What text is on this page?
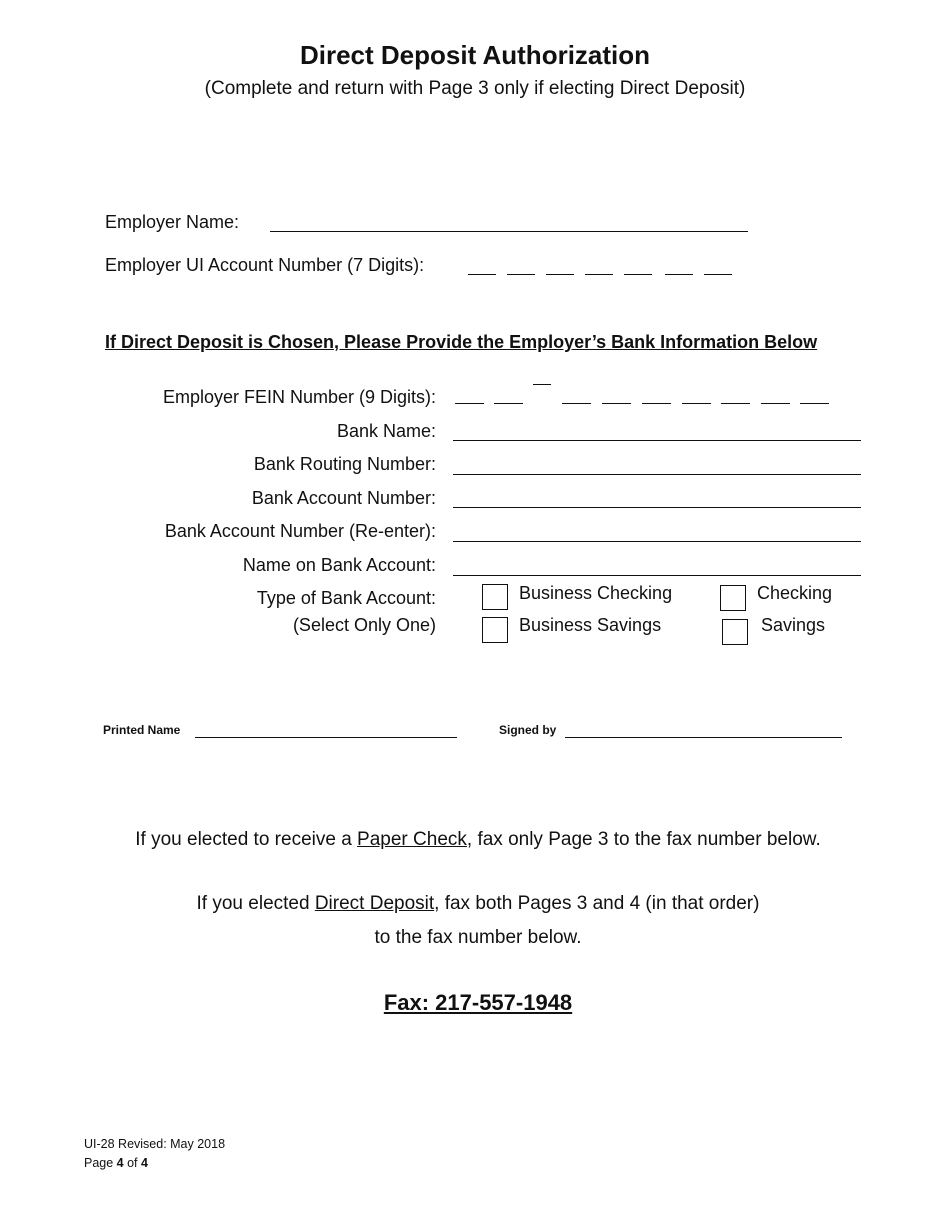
Direct Deposit Authorization
(Complete and return with Page 3 only if electing Direct Deposit)
Employer Name:
Employer UI Account Number (7 Digits):
If Direct Deposit is Chosen, Please Provide the Employer’s Bank Information Below
Employer FEIN Number (9 Digits):
Bank Name:
Bank Routing Number:
Bank Account Number:
Bank Account Number (Re-enter):
Name on Bank Account:
Type of Bank Account:
(Select Only One)
Business Checking	Checking
Business Savings	Savings
Printed Name	Signed by
If you elected to receive a Paper Check, fax only Page 3 to the fax number below.
If you elected Direct Deposit, fax both Pages 3 and 4 (in that order)
to the fax number below.
Fax: 217-557-1948
UI-28 Revised: May 2018
Page 4 of 4
